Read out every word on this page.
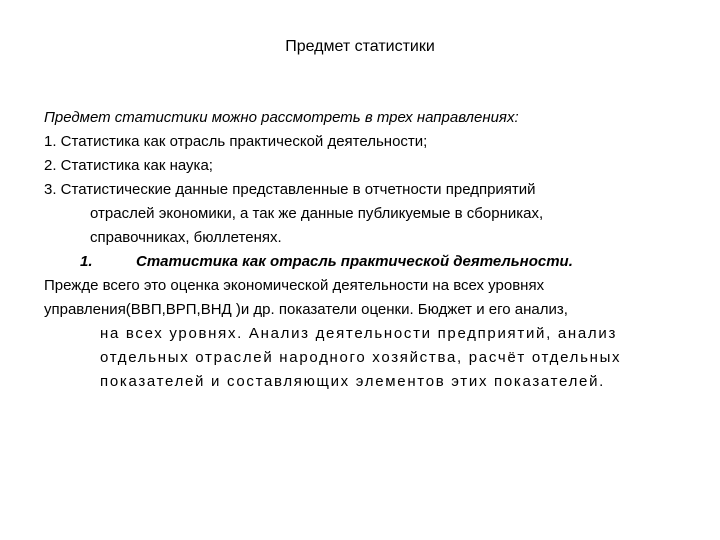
Предмет статистики
Предмет статистики можно рассмотреть в трех направлениях:
1. Статистика как отрасль практической деятельности;
2. Статистика как наука;
3. Статистические данные представленные в отчетности предприятий
отраслей экономики, а так же данные публикуемые в сборниках,
справочниках, бюллетенях.
1.	Статистика как отрасль практической деятельности.
Прежде всего это оценка экономической деятельности на всех уровнях
управления(ВВП,ВРП,ВНД )и др. показатели оценки. Бюджет и его анализ,
на всех уровнях. Анализ деятельности предприятий, анализ
отдельных отраслей народного хозяйства, расчёт отдельных
показателей и составляющих элементов этих показателей.
